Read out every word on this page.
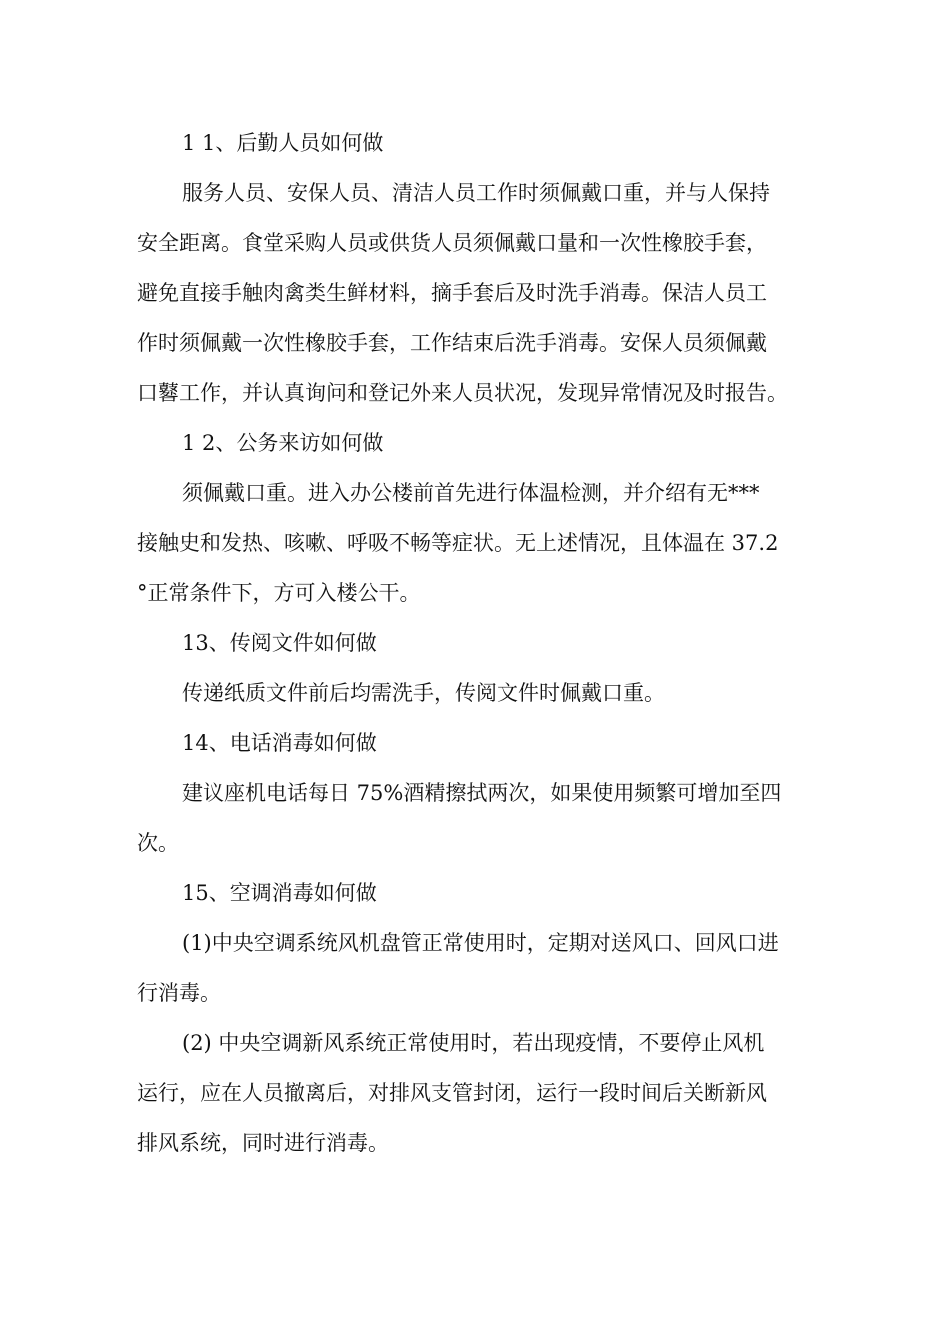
1 1、后勤人员如何做

服务人员、安保人员、清洁人员工作时须佩戴口重，并与人保持

安全距离。食堂采购人员或供货人员须佩戴口量和一次性橡胶手套，

避免直接手触肉禽类生鲜材料，摘手套后及时洗手消毒。保洁人员工

作时须佩戴一次性橡胶手套，工作结束后洗手消毒。安保人员须佩戴

口鼛工作，并认真询问和登记外来人员状况，发现异常情况及时报告。

1 2、公务来访如何做

须佩戴口重。进入办公楼前首先进行体温检测，并介绍有无***

接触史和发热、咳嗽、呼吸不畅等症状。无上述情况，且体温在 37.2

°正常条件下，方可入楼公干。

13、传阅文件如何做

传递纸质文件前后均需洗手，传阅文件时佩戴口重。

14、电话消毒如何做

建议座机电话每日 75%酒精擦拭两次，如果使用频繁可增加至四

次。

15、空调消毒如何做

(1)中央空调系统风机盘管正常使用时，定期对送风口、回风口进

行消毒。

(2) 中央空调新风系统正常使用时，若出现疫情，不要停止风机

运行，应在人员撤离后，对排风支管封闭，运行一段时间后关断新风

排风系统，同时进行消毒。
